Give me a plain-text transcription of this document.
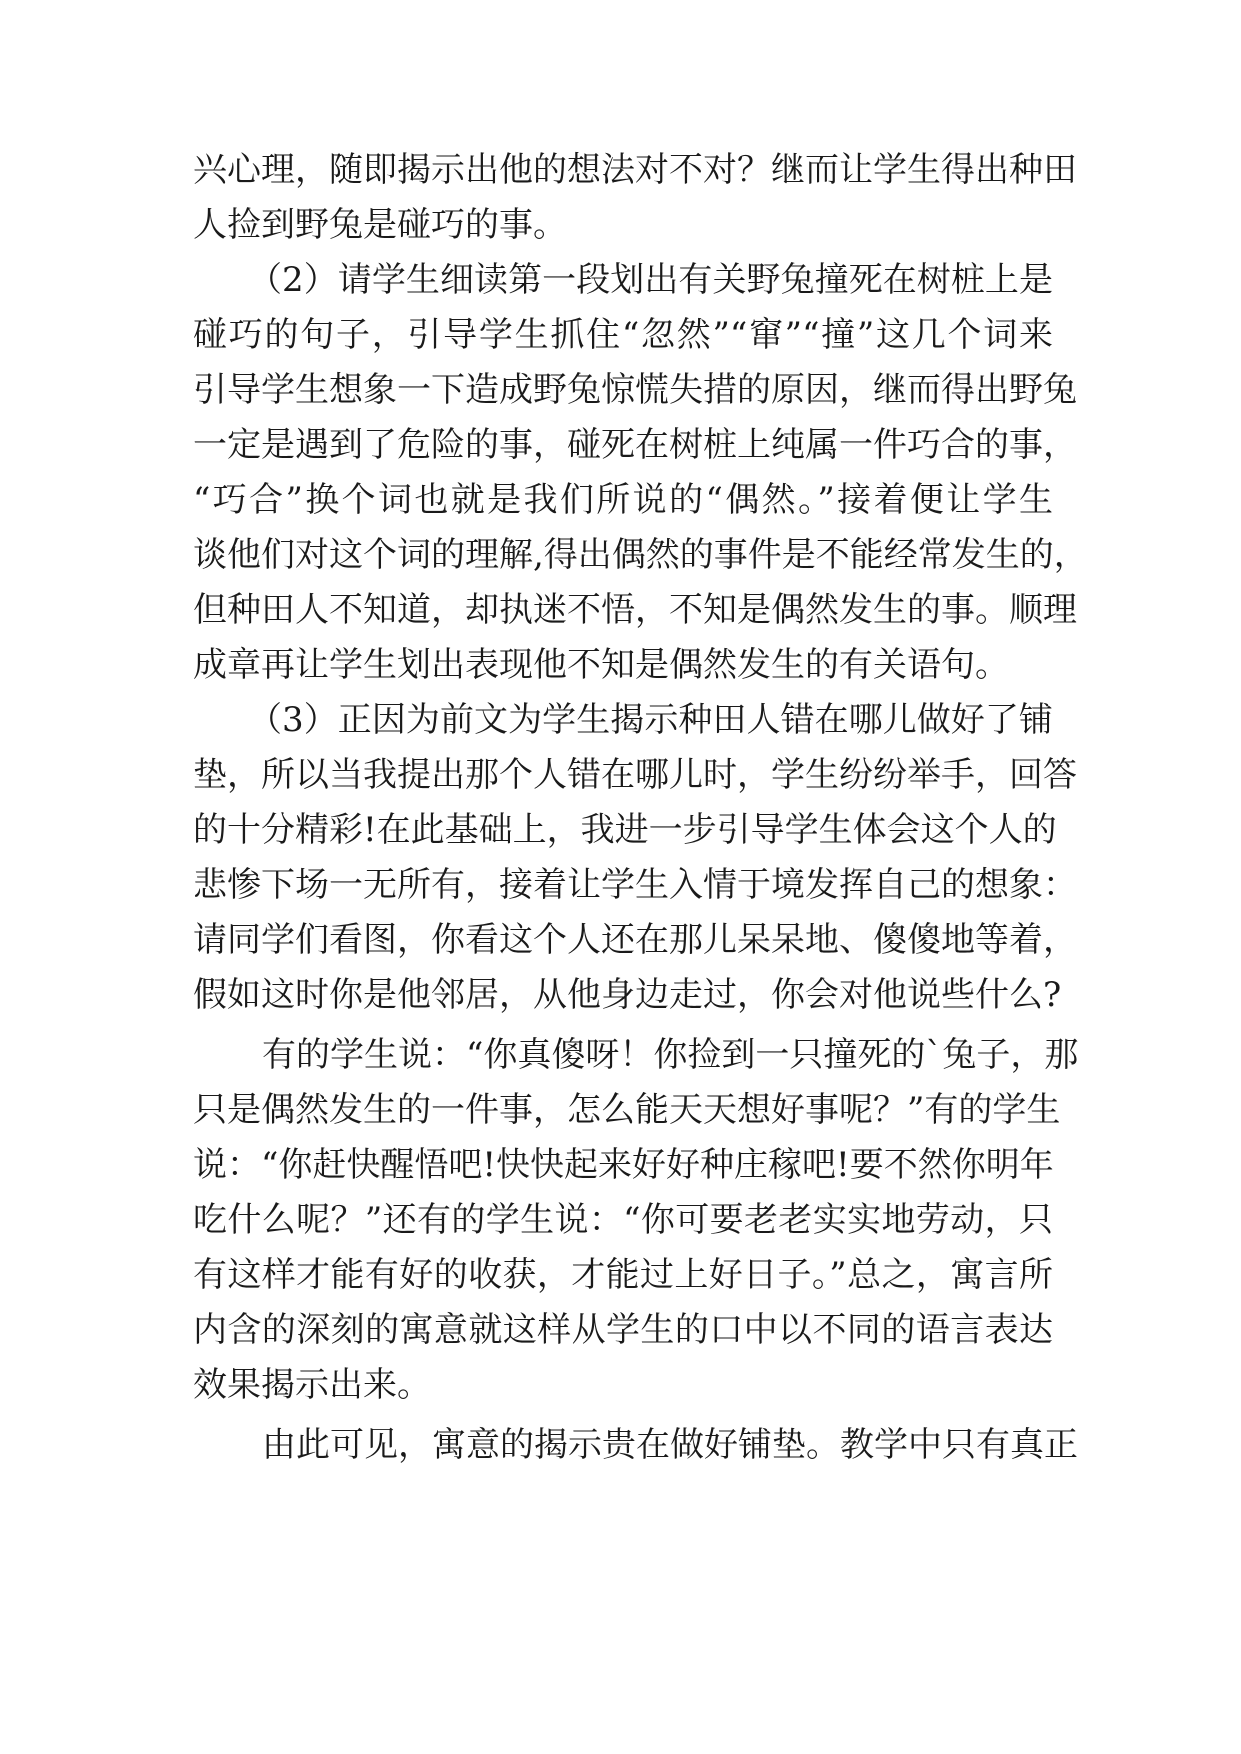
兴心理，随即揭示出他的想法对不对？继而让学生得出种田
人捡到野兔是碰巧的事。
（2）请学生细读第一段划出有关野兔撞死在树桩上是
碰巧的句子，引导学生抓住“忽然”“窜”“撞”这几个词来
引导学生想象一下造成野兔惊慌失措的原因，继而得出野兔
一定是遇到了危险的事，碰死在树桩上纯属一件巧合的事，
“巧合”换个词也就是我们所说的“偶然。”接着便让学生
谈他们对这个词的理解,得出偶然的事件是不能经常发生的，
但种田人不知道，却执迷不悟，不知是偶然发生的事。顺理
成章再让学生划出表现他不知是偶然发生的有关语句。
（3）正因为前文为学生揭示种田人错在哪儿做好了铺
垫，所以当我提出那个人错在哪儿时，学生纷纷举手，回答
的十分精彩!在此基础上，我进一步引导学生体会这个人的
悲惨下场一无所有，接着让学生入情于境发挥自己的想象：
请同学们看图，你看这个人还在那儿呆呆地、傻傻地等着，
假如这时你是他邻居，从他身边走过，你会对他说些什么?
有的学生说：“你真傻呀！你捡到一只撞死的`兔子，那
只是偶然发生的一件事，怎么能天天想好事呢？”有的学生
说：“你赶快醒悟吧!快快起来好好种庄稼吧!要不然你明年
吃什么呢？”还有的学生说：“你可要老老实实地劳动，只
有这样才能有好的收获，才能过上好日子。”总之，寓言所
内含的深刻的寓意就这样从学生的口中以不同的语言表达
效果揭示出来。
由此可见，寓意的揭示贵在做好铺垫。教学中只有真正
